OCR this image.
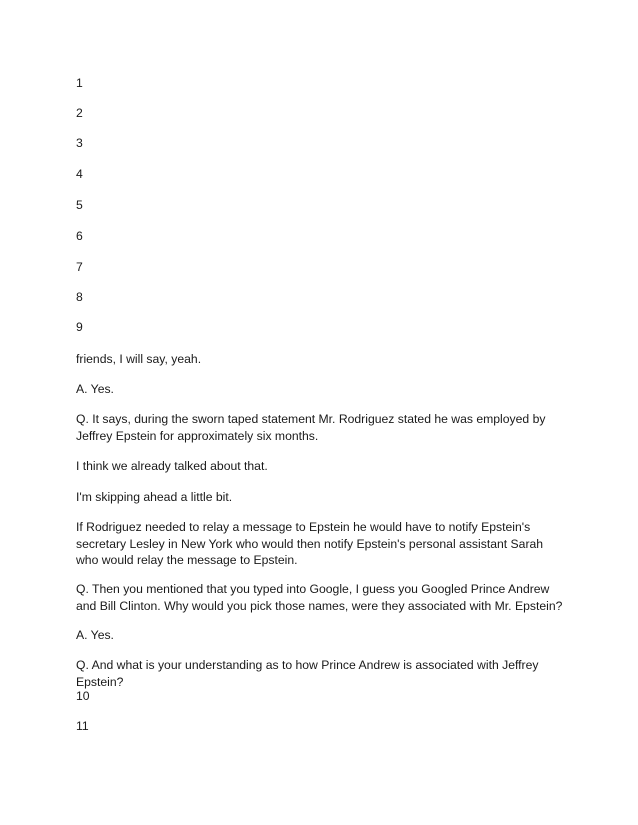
1
2
3
4
5
6
7
8
9
friends, I will say, yeah.
A. Yes.
Q. It says, during the sworn taped statement Mr. Rodriguez stated he was employed by Jeffrey Epstein for approximately six months.
I think we already talked about that.
I'm skipping ahead a little bit.
If Rodriguez needed to relay a message to Epstein he would have to notify Epstein's secretary Lesley in New York who would then notify Epstein's personal assistant Sarah who would relay the message to Epstein.
Q. Then you mentioned that you typed into Google, I guess you Googled Prince Andrew and Bill Clinton. Why would you pick those names, were they associated with Mr. Epstein?
A. Yes.
Q. And what is your understanding as to how Prince Andrew is associated with Jeffrey Epstein?
10
11
